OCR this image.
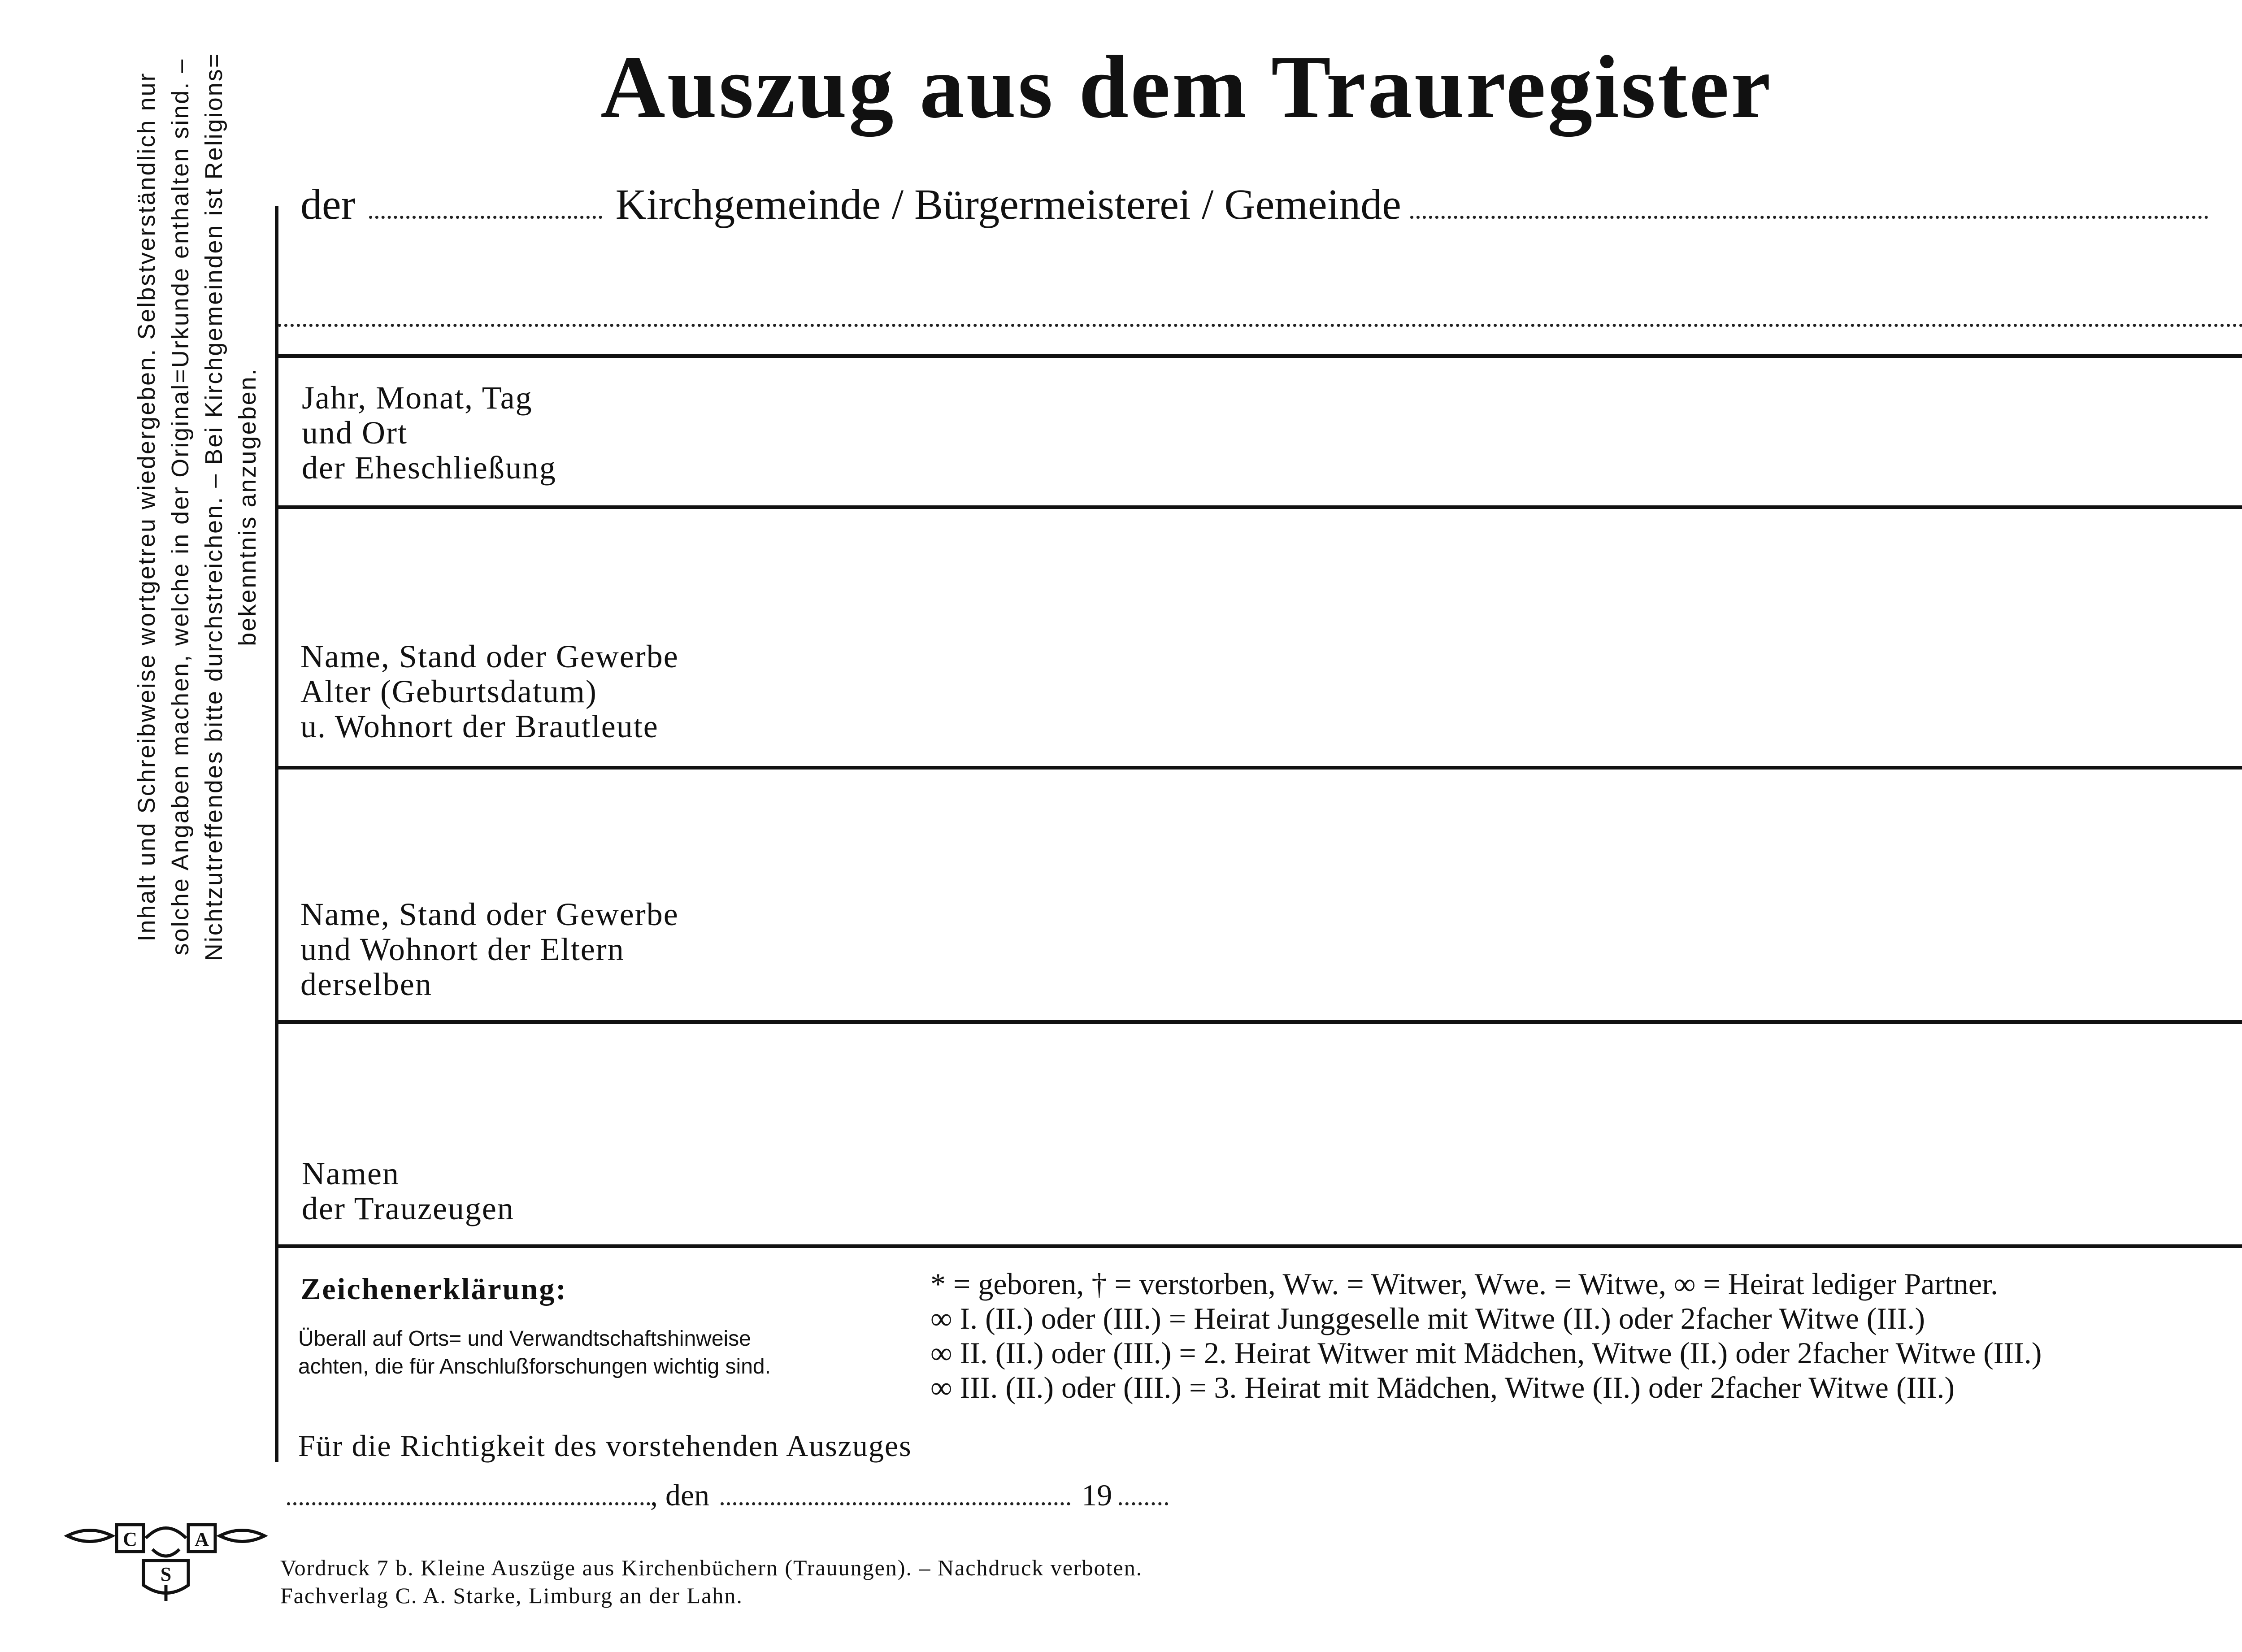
Auszug aus dem Trauregister
der	Kirchgemeinde / Bürgermeisterei / Gemeinde
Jahr, Monat, Tag
und Ort
der Eheschließung
Name, Stand oder Gewerbe
Alter (Geburtsdatum)
u. Wohnort der Brautleute
Name, Stand oder Gewerbe
und Wohnort der Eltern
derselben
Namen
der Trauzeugen
Zeichenerklärung:
Überall auf Orts= und Verwandtschaftshinweise
achten, die für Anschlußforschungen wichtig sind.
* = geboren, † = verstorben, Ww. = Witwer, Wwe. = Witwe, ∞ = Heirat lediger Partner.
∞ I. (II.) oder (III.) = Heirat Junggeselle mit Witwe (II.) oder 2facher Witwe (III.)
∞ II. (II.) oder (III.) = 2. Heirat Witwer mit Mädchen, Witwe (II.) oder 2facher Witwe (III.)
∞ III. (II.) oder (III.) = 3. Heirat mit Mädchen, Witwe (II.) oder 2facher Witwe (III.)
Für die Richtigkeit des vorstehenden Auszuges
, den	19
Vordruck 7 b. Kleine Auszüge aus Kirchenbüchern (Trauungen). – Nachdruck verboten.
Fachverlag C. A. Starke, Limburg an der Lahn.
Inhalt und Schreibweise wortgetreu wiedergeben. Selbstverständlich nur solche Angaben machen, welche in der Original=Urkunde enthalten sind. – Nichtzutreffendes bitte durchstreichen. – Bei Kirchgemeinden ist Religions= bekenntnis anzugeben.
C	A
S
